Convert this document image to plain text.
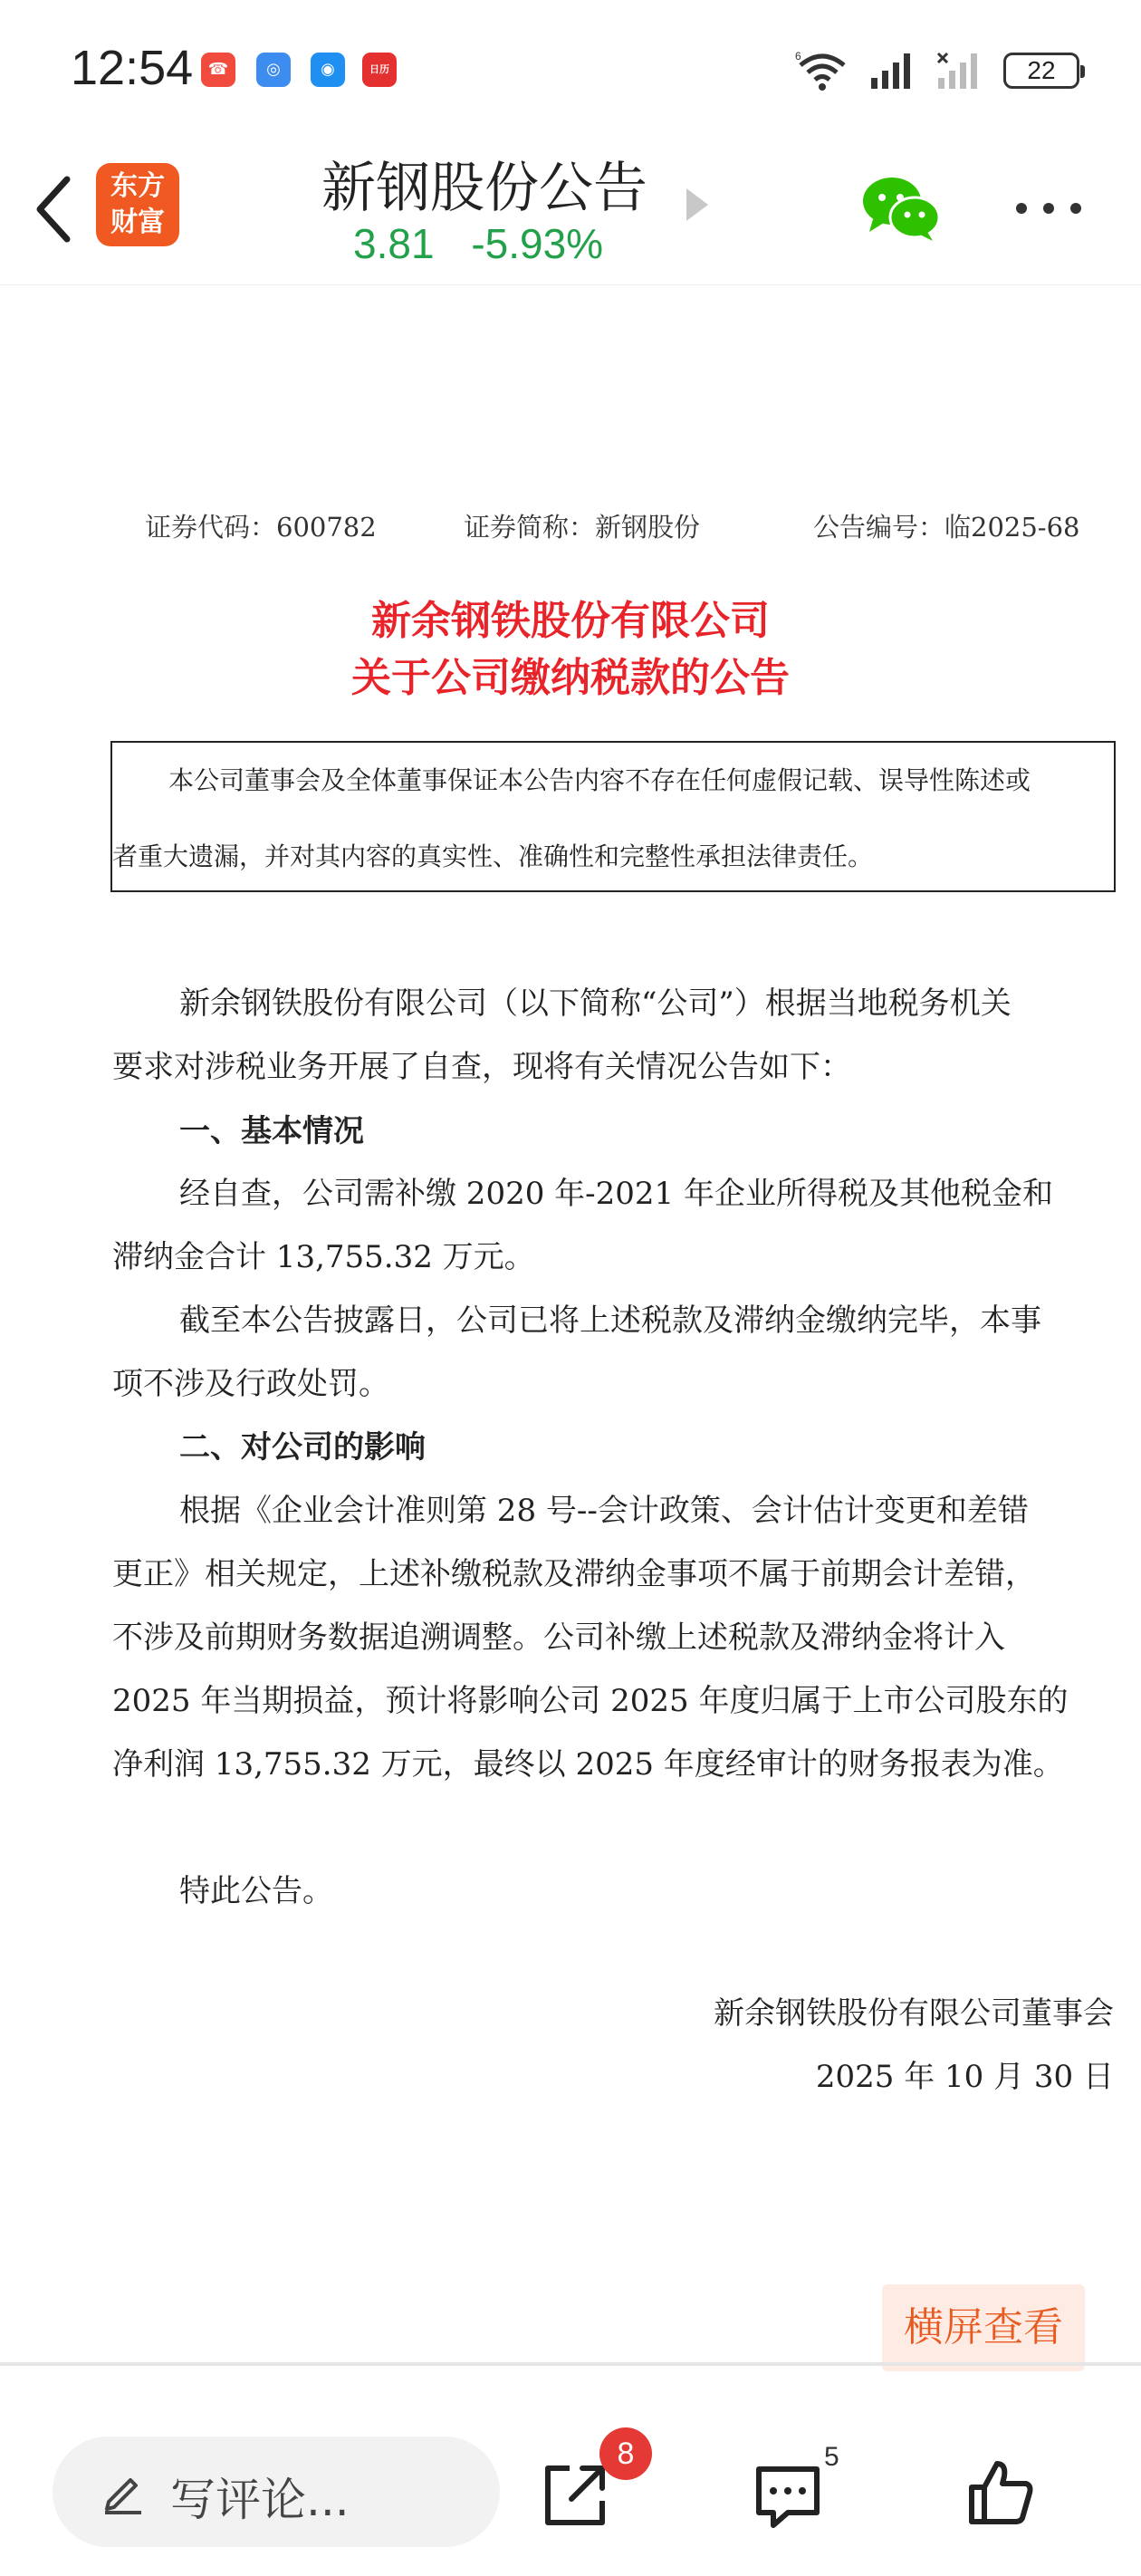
12:54 ☎	◎	◉	日历
6	22
东方
财富
新钢股份公告
3.81 -5.93%
证券代码：600782	证券简称：新钢股份	公告编号：临2025-68
新余钢铁股份有限公司
关于公司缴纳税款的公告

本公司董事会及全体董事保证本公告内容不存在任何虚假记载、误导性陈述或

者重大遗漏，并对其内容的真实性、准确性和完整性承担法律责任。

新余钢铁股份有限公司（以下简称“公司”）根据当地税务机关
要求对涉税业务开展了自查，现将有关情况公告如下：
一、基本情况
经自查，公司需补缴 2020 年-2021 年企业所得税及其他税金和
滞纳金合计 13,755.32 万元。
截至本公告披露日，公司已将上述税款及滞纳金缴纳完毕，本事
项不涉及行政处罚。
二、对公司的影响
根据《企业会计准则第 28 号--会计政策、会计估计变更和差错
更正》相关规定，上述补缴税款及滞纳金事项不属于前期会计差错，
不涉及前期财务数据追溯调整。公司补缴上述税款及滞纳金将计入
2025 年当期损益，预计将影响公司 2025 年度归属于上市公司股东的
净利润 13,755.32 万元，最终以 2025 年度经审计的财务报表为准。
特此公告。
新余钢铁股份有限公司董事会
2025 年 10 月 30 日
横屏查看
写评论...
8	5
